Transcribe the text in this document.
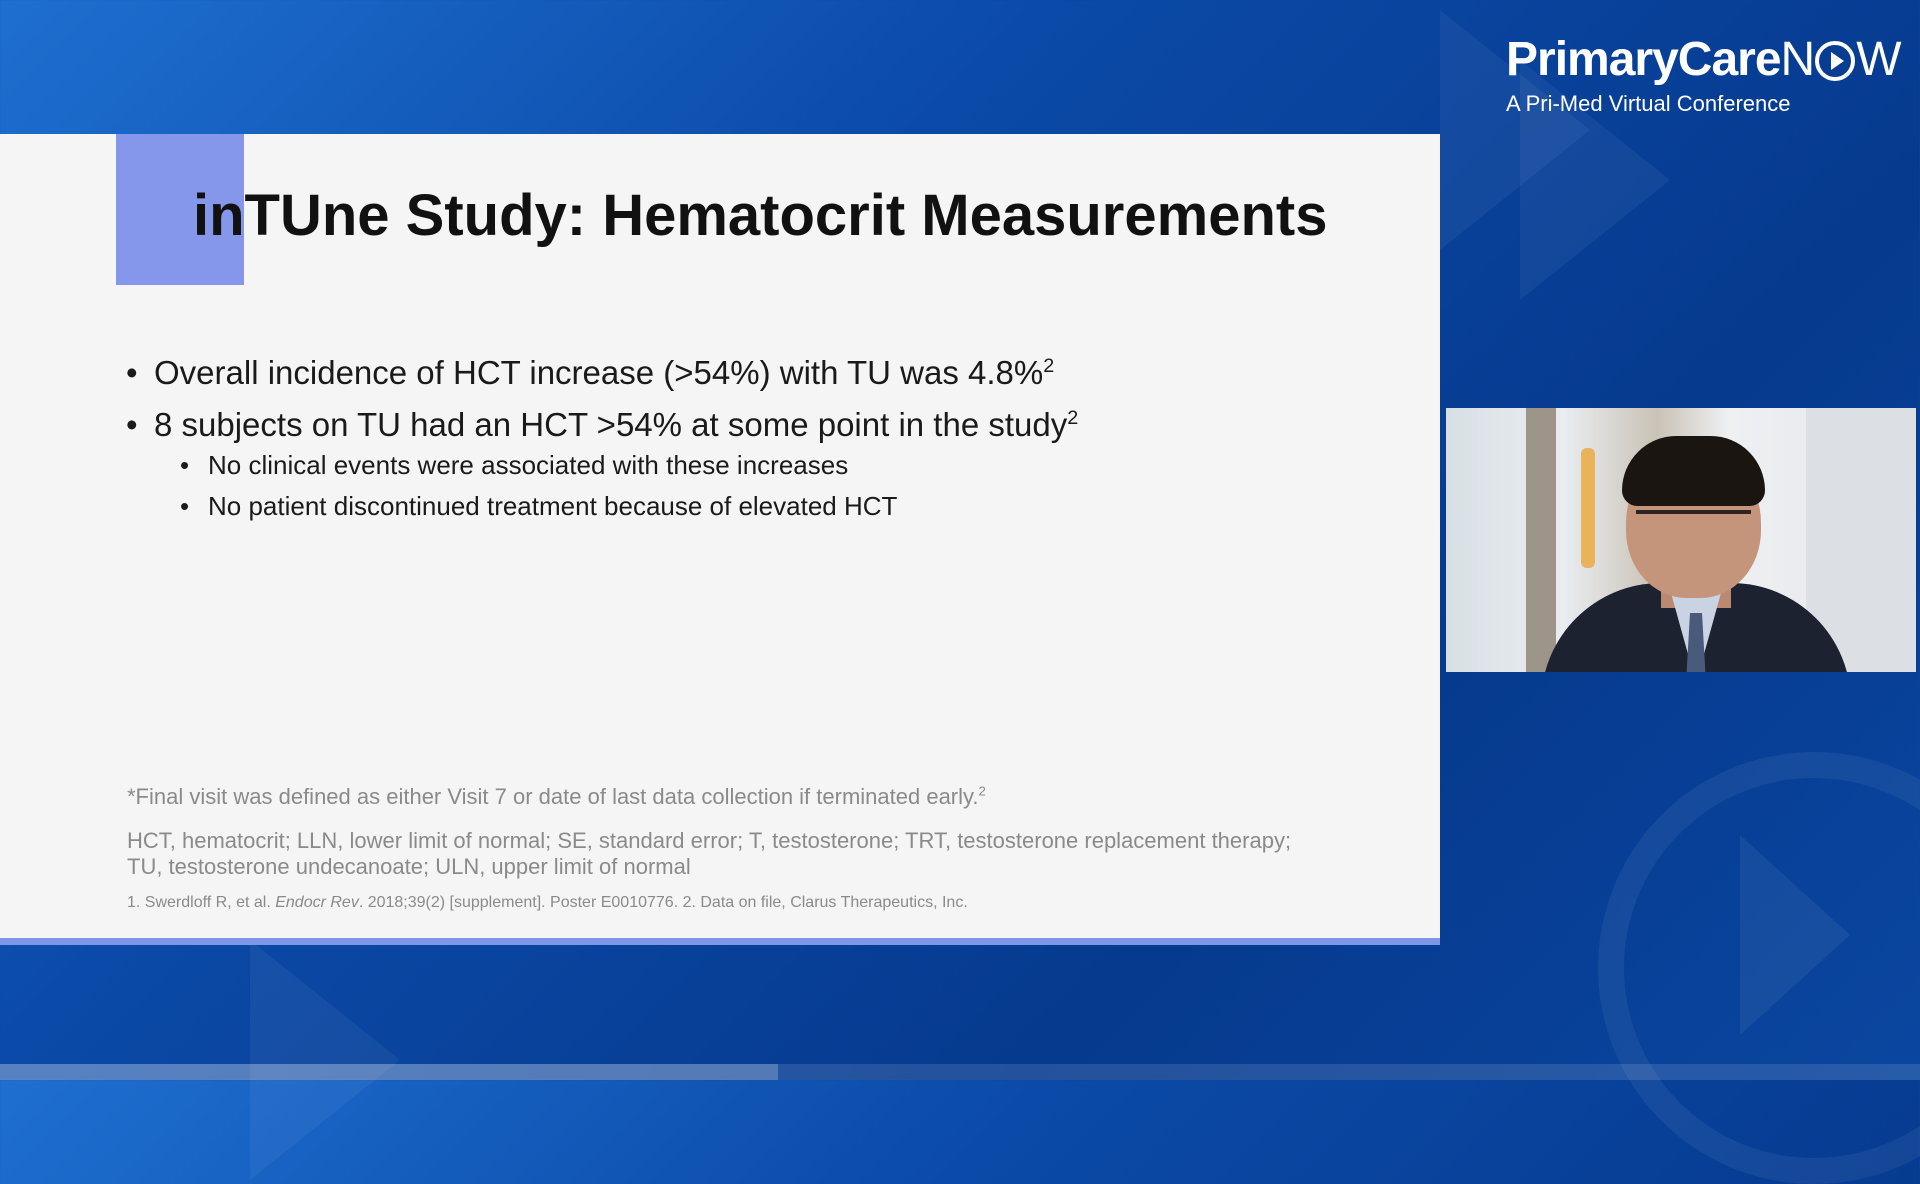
PrimaryCare N W
A Pri-Med Virtual Conference
inTUne Study: Hematocrit Measurements
• Overall incidence of HCT increase (>54%) with TU was 4.8%$^2$
• 8 subjects on TU had an HCT >54% at some point in the study$^2$
• No clinical events were associated with these increases
• No patient discontinued treatment because of elevated HCT
*Final visit was defined as either Visit 7 or date of last data collection if terminated early.$^2$
HCT, hematocrit; LLN, lower limit of normal; SE, standard error; T, testosterone; TRT, testosterone replacement therapy;
TU, testosterone undecanoate; ULN, upper limit of normal
1. Swerdloff R, et al. Endocr Rev. 2018;39(2) [supplement]. Poster E0010776. 2. Data on file, Clarus Therapeutics, Inc.
